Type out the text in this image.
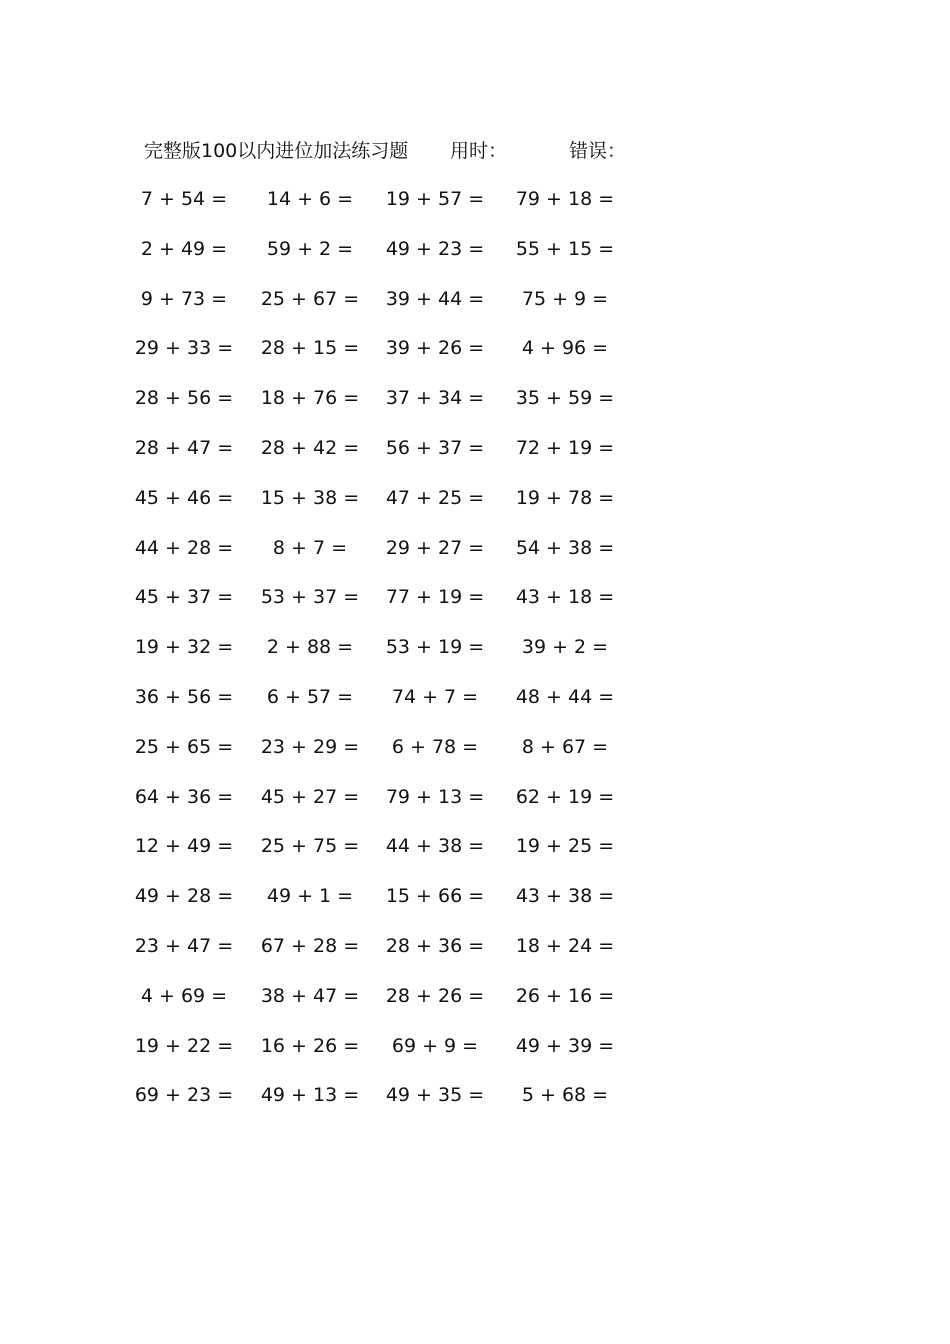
完整版100以内进位加法练习题 用时：	错误：
7 + 54 =	14 + 6 =	19 + 57 =	79 + 18 =
2 + 49 =	59 + 2 =	49 + 23 =	55 + 15 =
9 + 73 =	25 + 67 =	39 + 44 =	75 + 9 =
29 + 33 =	28 + 15 =	39 + 26 =	4 + 96 =
28 + 56 =	18 + 76 =	37 + 34 =	35 + 59 =
28 + 47 =	28 + 42 =	56 + 37 =	72 + 19 =
45 + 46 =	15 + 38 =	47 + 25 =	19 + 78 =
44 + 28 =	8 + 7 =	29 + 27 =	54 + 38 =
45 + 37 =	53 + 37 =	77 + 19 =	43 + 18 =
19 + 32 =	2 + 88 =	53 + 19 =	39 + 2 =
36 + 56 =	6 + 57 =	74 + 7 =	48 + 44 =
25 + 65 =	23 + 29 =	6 + 78 =	8 + 67 =
64 + 36 =	45 + 27 =	79 + 13 =	62 + 19 =
12 + 49 =	25 + 75 =	44 + 38 =	19 + 25 =
49 + 28 =	49 + 1 =	15 + 66 =	43 + 38 =
23 + 47 =	67 + 28 =	28 + 36 =	18 + 24 =
4 + 69 =	38 + 47 =	28 + 26 =	26 + 16 =
19 + 22 =	16 + 26 =	69 + 9 =	49 + 39 =
69 + 23 =	49 + 13 =	49 + 35 =	5 + 68 =
